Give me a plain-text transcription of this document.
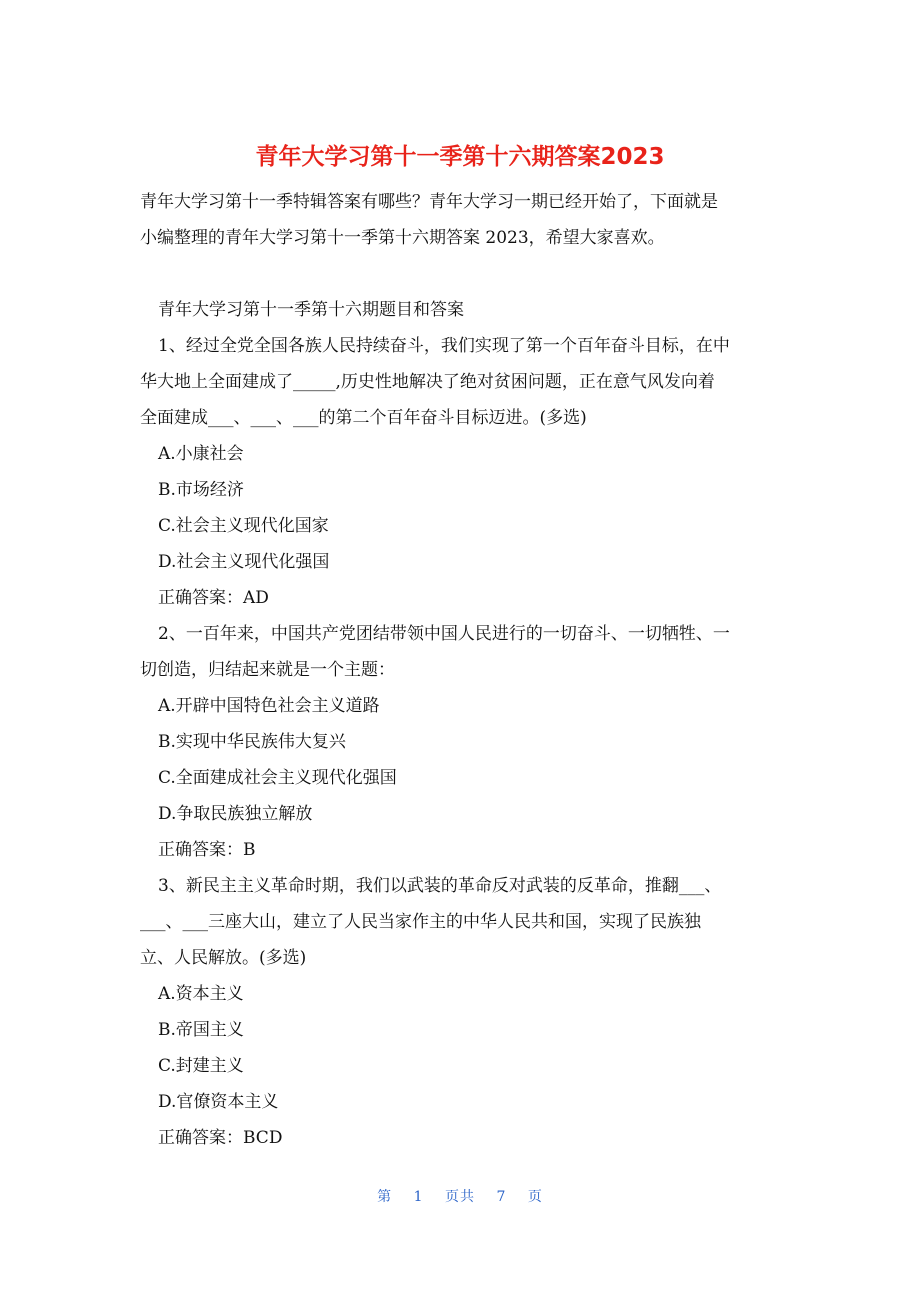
青年大学习第十一季第十六期答案2023

青年大学习第十一季特辑答案有哪些？青年大学习一期已经开始了，下面就是

小编整理的青年大学习第十一季第十六期答案 2023，希望大家喜欢。

青年大学习第十一季第十六期题目和答案

1、经过全党全国各族人民持续奋斗，我们实现了第一个百年奋斗目标，在中

华大地上全面建成了_____,历史性地解决了绝对贫困问题，正在意气风发向着

全面建成___、___、___的第二个百年奋斗目标迈进。(多选)

A.小康社会

B.市场经济

C.社会主义现代化国家

D.社会主义现代化强国

正确答案：AD

2、一百年来，中国共产党团结带领中国人民进行的一切奋斗、一切牺牲、一

切创造，归结起来就是一个主题：

A.开辟中国特色社会主义道路

B.实现中华民族伟大复兴

C.全面建成社会主义现代化强国

D.争取民族独立解放

正确答案：B

3、新民主主义革命时期，我们以武装的革命反对武装的反革命，推翻___、

___、___三座大山，建立了人民当家作主的中华人民共和国，实现了民族独

立、人民解放。(多选)

A.资本主义

B.帝国主义

C.封建主义

D.官僚资本主义

正确答案：BCD

第 1 页共 7 页
